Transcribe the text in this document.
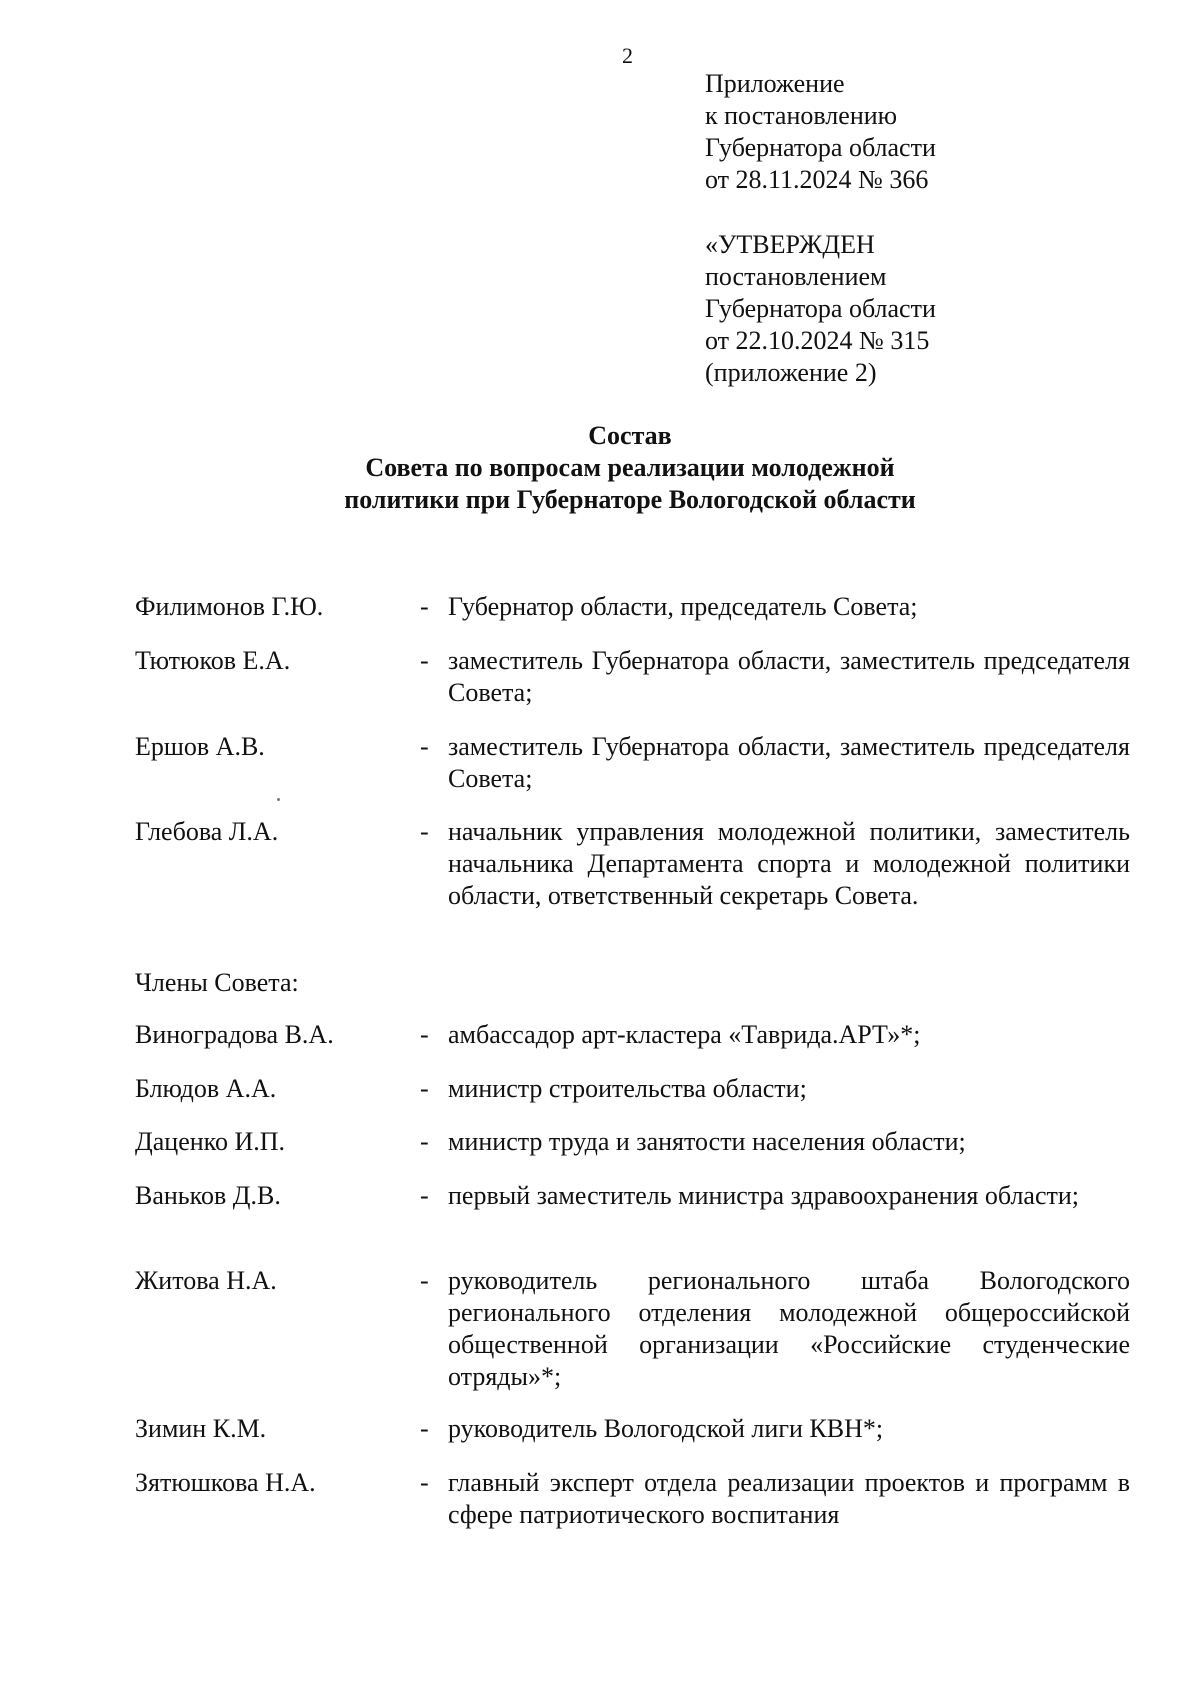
2
Приложение
к постановлению
Губернатора области
от 28.11.2024 № 366
«УТВЕРЖДЕН
постановлением
Губернатора области
от 22.10.2024 № 315
(приложение 2)
Состав
Совета по вопросам реализации молодежной
политики при Губернаторе Вологодской области
Филимонов Г.Ю.	- Губернатор области, председатель Совета;
Тютюков Е.А.	- заместитель Губернатора области, заместитель председателя Совета;
Ершов А.В.	- заместитель Губернатора области, заместитель председателя Совета;
Глебова Л.А.	- начальник управления молодежной политики, заместитель начальника Департамента спорта и молодежной политики области, ответственный секретарь Совета.
Члены Совета:
Виноградова В.А.	- амбассадор арт-кластера «Таврида.АРТ»*;
Блюдов А.А.	- министр строительства области;
Даценко И.П.	- министр труда и занятости населения области;
Ваньков Д.В.	- первый заместитель министра здравоохранения области;
Житова Н.А.	- руководитель регионального штаба Вологодского регионального отделения молодежной общероссийской общественной организации «Российские студенческие отряды»*;
Зимин К.М.	- руководитель Вологодской лиги КВН*;
Зятюшкова Н.А.	- главный эксперт отдела реализации проектов и программ в сфере патриотического воспитания
